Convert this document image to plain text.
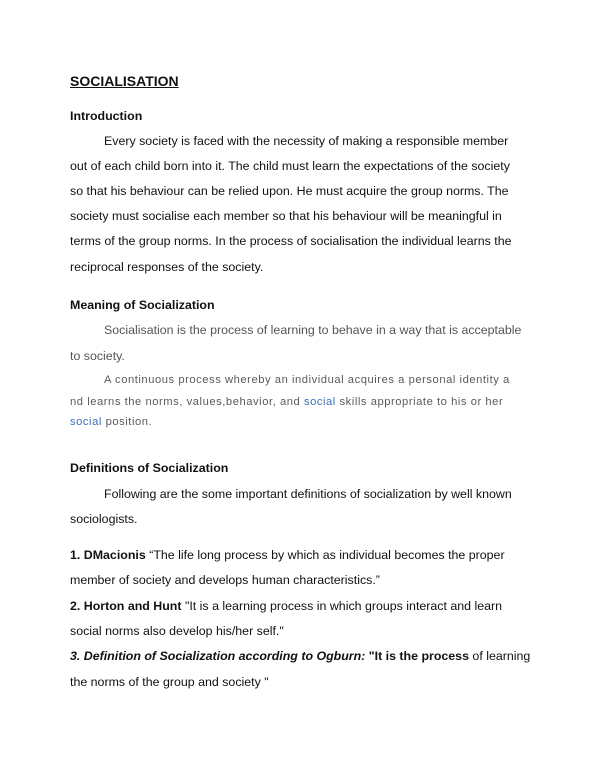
SOCIALISATION
Introduction
Every society is faced with the necessity of making a responsible member
out of each child born into it. The child must learn the expectations of the society
so that his behaviour can be relied upon. He must acquire the group norms. The
society must socialise each member so that his behaviour will be meaningful in
terms of the group norms. In the process of socialisation the individual learns the
reciprocal responses of the society.
Meaning of Socialization
Socialisation is the process of learning to behave in a way that is acceptable
to society.
A continuous process whereby an individual acquires a personal identity a
nd learns the norms, values,behavior, and social skills appropriate to his or her
social position.
Definitions of Socialization
Following are the some important definitions of socialization by well known
sociologists.
1. DMacionis “The life long process by which as individual becomes the proper
member of society and develops human characteristics.”
2. Horton and Hunt "It is a learning process in which groups interact and learn
social norms also develop his/her self."
3. Definition of Socialization according to Ogburn: "It is the process of learning
the norms of the group and society "
